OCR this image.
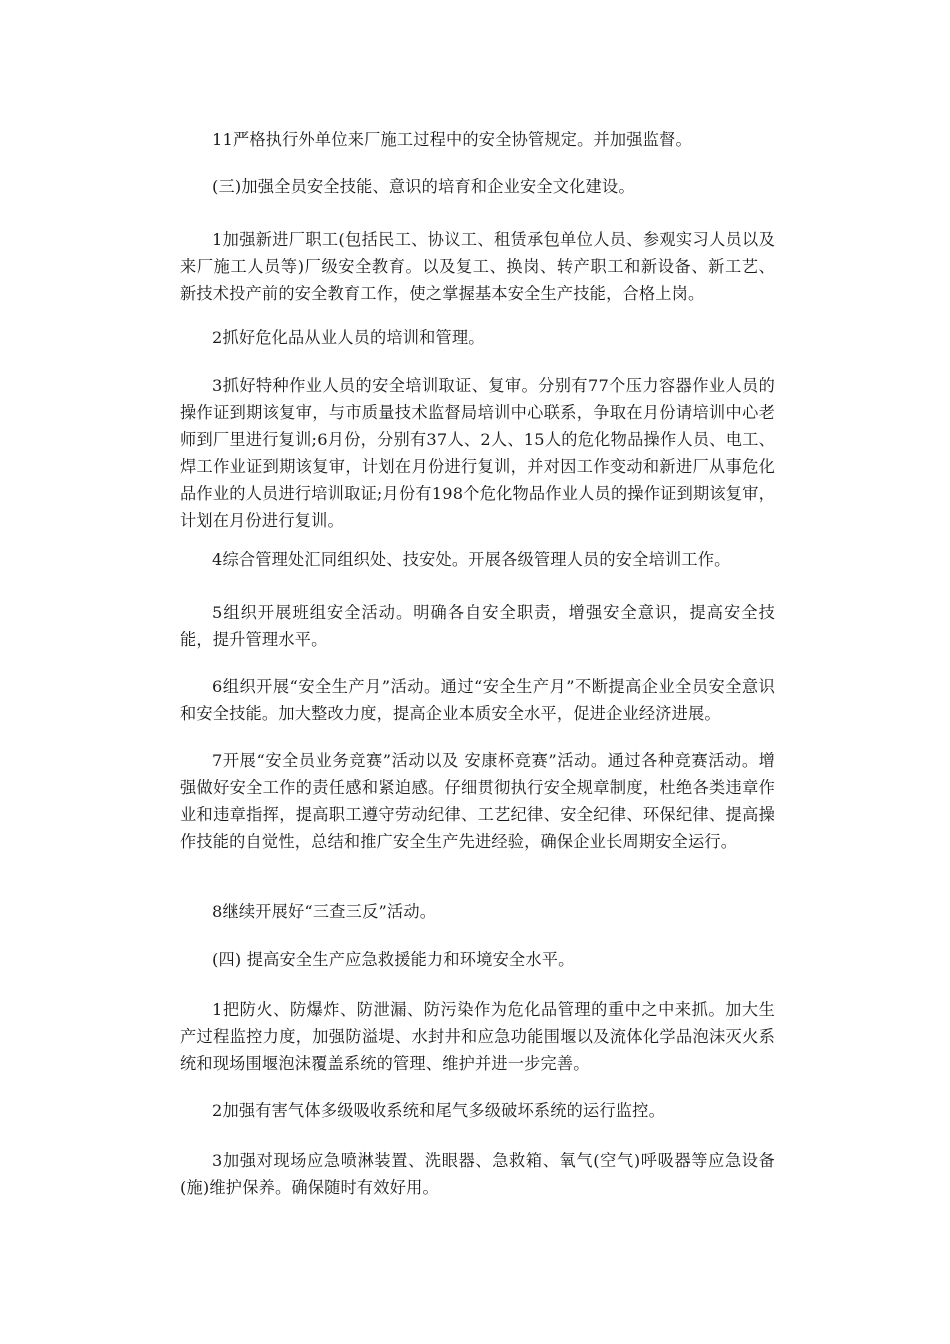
11严格执行外单位来厂施工过程中的安全协管规定。并加强监督。

(三)加强全员安全技能、意识的培育和企业安全文化建设。

1加强新进厂职工(包括民工、协议工、租赁承包单位人员、参观实习人员以及来厂施工人员等)厂级安全教育。以及复工、换岗、转产职工和新设备、新工艺、新技术投产前的安全教育工作，使之掌握基本安全生产技能，合格上岗。

2抓好危化品从业人员的培训和管理。

3抓好特种作业人员的安全培训取证、复审。分别有77个压力容器作业人员的操作证到期该复审，与市质量技术监督局培训中心联系，争取在月份请培训中心老师到厂里进行复训;6月份，分别有37人、2人、15人的危化物品操作人员、电工、焊工作业证到期该复审，计划在月份进行复训，并对因工作变动和新进厂从事危化品作业的人员进行培训取证;月份有198个危化物品作业人员的操作证到期该复审，计划在月份进行复训。

4综合管理处汇同组织处、技安处。开展各级管理人员的安全培训工作。

5组织开展班组安全活动。明确各自安全职责，增强安全意识，提高安全技能，提升管理水平。

6组织开展“安全生产月”活动。通过“安全生产月”不断提高企业全员安全意识和安全技能。加大整改力度，提高企业本质安全水平，促进企业经济进展。

7开展“安全员业务竞赛”活动以及 安康杯竞赛”活动。通过各种竞赛活动。增强做好安全工作的责任感和紧迫感。仔细贯彻执行安全规章制度，杜绝各类违章作业和违章指挥，提高职工遵守劳动纪律、工艺纪律、安全纪律、环保纪律、提高操作技能的自觉性，总结和推广安全生产先进经验，确保企业长周期安全运行。

8继续开展好“三查三反”活动。

(四) 提高安全生产应急救援能力和环境安全水平。

1把防火、防爆炸、防泄漏、防污染作为危化品管理的重中之中来抓。加大生产过程监控力度，加强防溢堤、水封井和应急功能围堰以及流体化学品泡沫灭火系统和现场围堰泡沫覆盖系统的管理、维护并进一步完善。

2加强有害气体多级吸收系统和尾气多级破坏系统的运行监控。

3加强对现场应急喷淋装置、洗眼器、急救箱、氧气(空气)呼吸器等应急设备(施)维护保养。确保随时有效好用。
